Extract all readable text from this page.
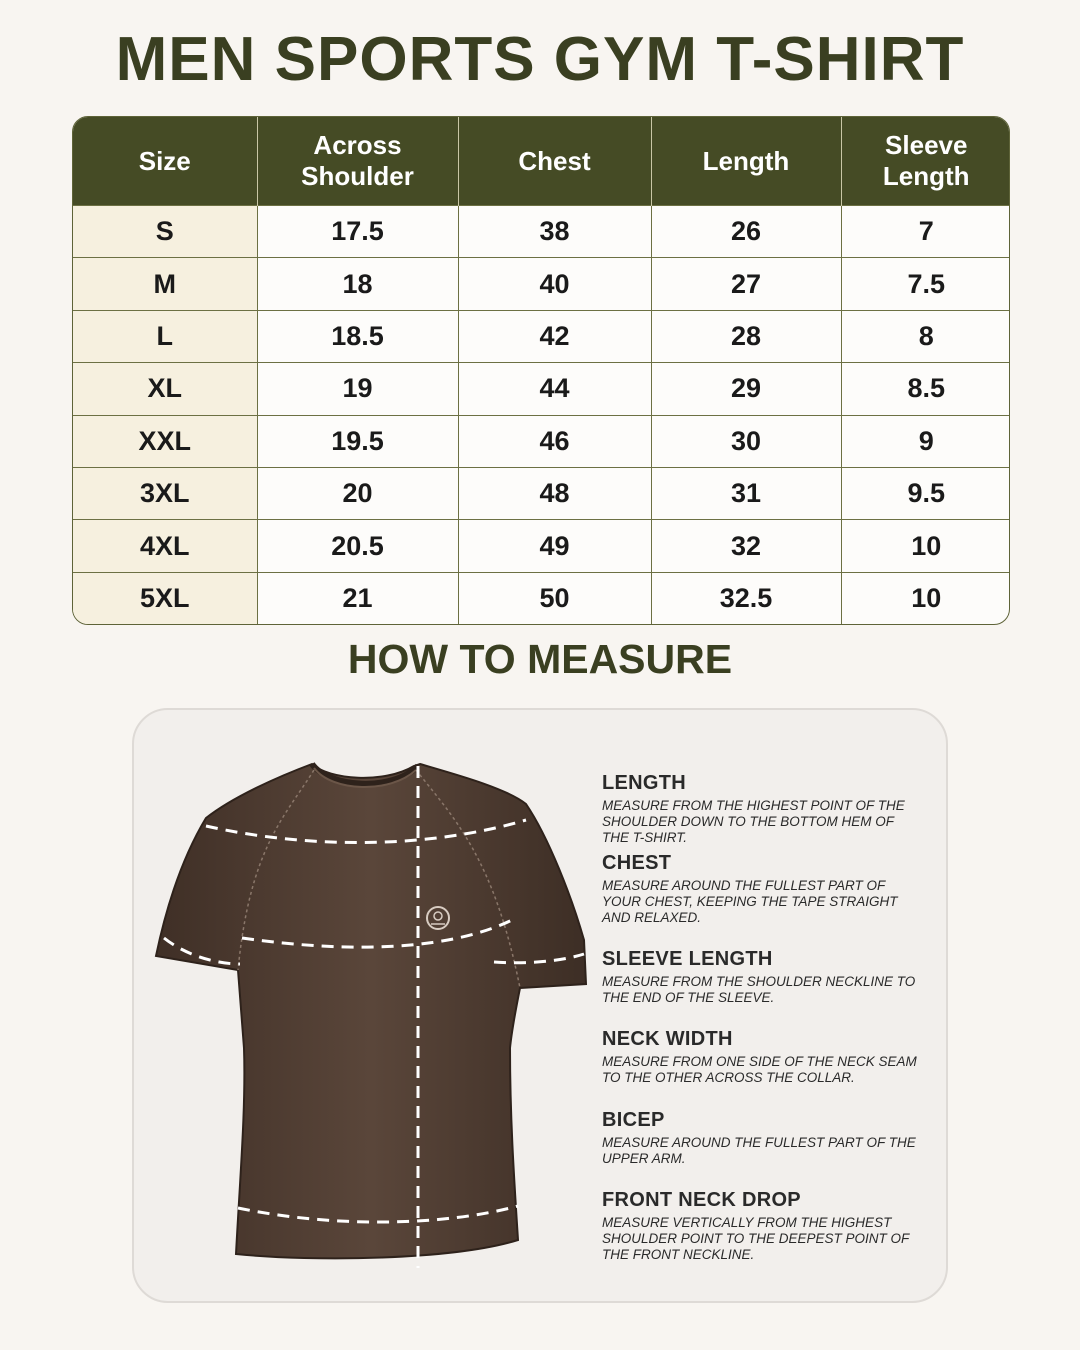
MEN SPORTS GYM T-SHIRT
Size	Across Shoulder	Chest	Length	Sleeve Length
S	17.5	38	26	7
M	18	40	27	7.5
L	18.5	42	28	8
XL	19	44	29	8.5
XXL	19.5	46	30	9
3XL	20	48	31	9.5
4XL	20.5	49	32	10
5XL	21	50	32.5	10
HOW TO MEASURE
LENGTH
MEASURE FROM THE HIGHEST POINT OF THE SHOULDER DOWN TO THE BOTTOM HEM OF THE T-SHIRT.
CHEST
MEASURE AROUND THE FULLEST PART OF YOUR CHEST, KEEPING THE TAPE STRAIGHT AND RELAXED.
SLEEVE LENGTH
MEASURE FROM THE SHOULDER NECKLINE TO THE END OF THE SLEEVE.
NECK WIDTH
MEASURE FROM ONE SIDE OF THE NECK SEAM TO THE OTHER ACROSS THE COLLAR.
BICEP
MEASURE AROUND THE FULLEST PART OF THE UPPER ARM.
FRONT NECK DROP
MEASURE VERTICALLY FROM THE HIGHEST SHOULDER POINT TO THE DEEPEST POINT OF THE FRONT NECKLINE.
